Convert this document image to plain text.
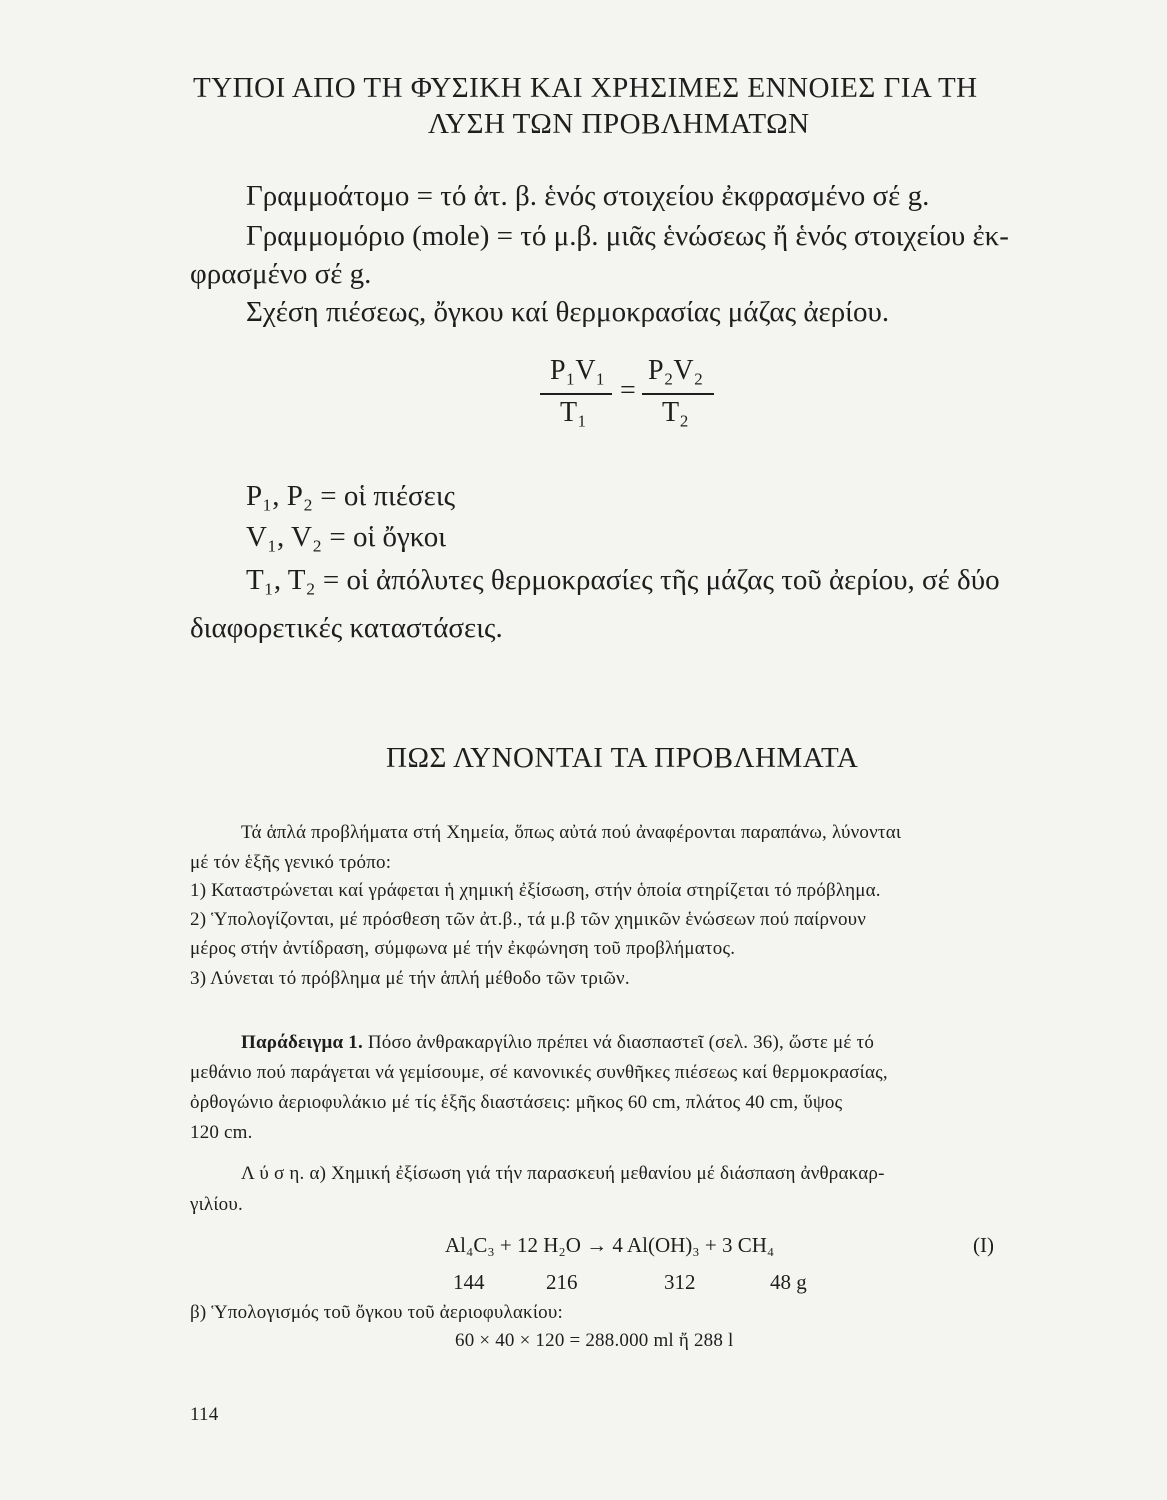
ΤΥΠΟΙ ΑΠΟ ΤΗ ΦΥΣΙΚΗ ΚΑΙ ΧΡΗΣΙΜΕΣ ΕΝΝΟΙΕΣ ΓΙΑ ΤΗ
ΛΥΣΗ ΤΩΝ ΠΡΟΒΛΗΜΑΤΩΝ
Γραμμοάτομο = τό ἀτ. β. ἑνός στοιχείου ἐκφρασμένο σέ g.
Γραμμομόριο (mole) = τό μ.β. μιᾶς ἑνώσεως ἤ ἑνός στοιχείου ἐκ-
φρασμένο σέ g.
Σχέση πιέσεως, ὄγκου καί θερμοκρασίας μάζας ἀερίου.
P₁V₁
=
P₂V₂
T₁	T₂
P₁, P₂ = οἱ πιέσεις
V₁, V₂ = οἱ ὄγκοι
T₁, T₂ = οἱ ἀπόλυτες θερμοκρασίες τῆς μάζας τοῦ ἀερίου, σέ δύο
διαφορετικές καταστάσεις.
ΠΩΣ ΛΥΝΟΝΤΑΙ ΤΑ ΠΡΟΒΛΗΜΑΤΑ
Τά ἁπλά προβλήματα στή Χημεία, ὅπως αὐτά πού ἀναφέρονται παραπάνω, λύνονται
μέ τόν ἑξῆς γενικό τρόπο:
1) Καταστρώνεται καί γράφεται ἡ χημική ἐξίσωση, στήν ὁποία στηρίζεται τό πρόβλημα.
2) Ὑπολογίζονται, μέ πρόσθεση τῶν ἀτ.β., τά μ.β τῶν χημικῶν ἑνώσεων πού παίρνουν
μέρος στήν ἀντίδραση, σύμφωνα μέ τήν ἐκφώνηση τοῦ προβλήματος.
3) Λύνεται τό πρόβλημα μέ τήν ἁπλή μέθοδο τῶν τριῶν.
Παράδειγμα 1. Πόσο ἀνθρακαργίλιο πρέπει νά διασπαστεῖ (σελ. 36), ὥστε μέ τό
μεθάνιο πού παράγεται νά γεμίσουμε, σέ κανονικές συνθῆκες πιέσεως καί θερμοκρασίας,
ὀρθογώνιο ἀεριοφυλάκιο μέ τίς ἑξῆς διαστάσεις: μῆκος 60 cm, πλάτος 40 cm, ὕψος
120 cm.
Λ ύ σ η. α) Χημική ἐξίσωση γιά τήν παρασκευή μεθανίου μέ διάσπαση ἀνθρακαρ-
γιλίου.
Al₄C₃ + 12 H₂O → 4 Al(OH)₃ + 3 CH₄	(Ι)
144	216	312	48 g
β) Ὑπολογισμός τοῦ ὄγκου τοῦ ἀεριοφυλακίου:
60 × 40 × 120 = 288.000 ml ἤ 288 l
114
